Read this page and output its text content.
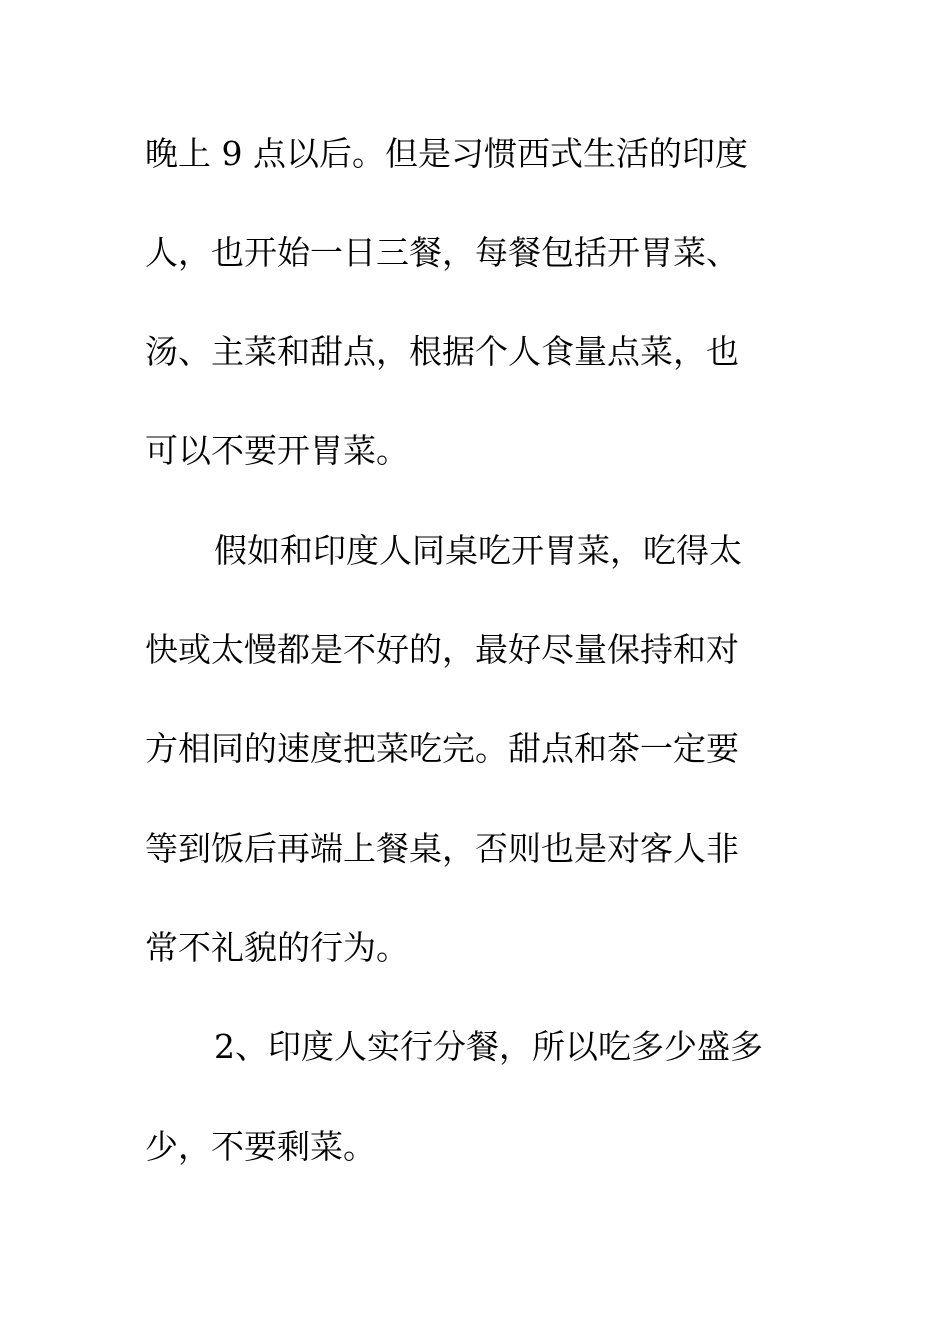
晚上 9 点以后。但是习惯西式生活的印度
人，也开始一日三餐，每餐包括开胃菜、
汤、主菜和甜点，根据个人食量点菜，也
可以不要开胃菜。
假如和印度人同桌吃开胃菜，吃得太
快或太慢都是不好的，最好尽量保持和对
方相同的速度把菜吃完。甜点和茶一定要
等到饭后再端上餐桌，否则也是对客人非
常不礼貌的行为。
2、印度人实行分餐，所以吃多少盛多
少，不要剩菜。
